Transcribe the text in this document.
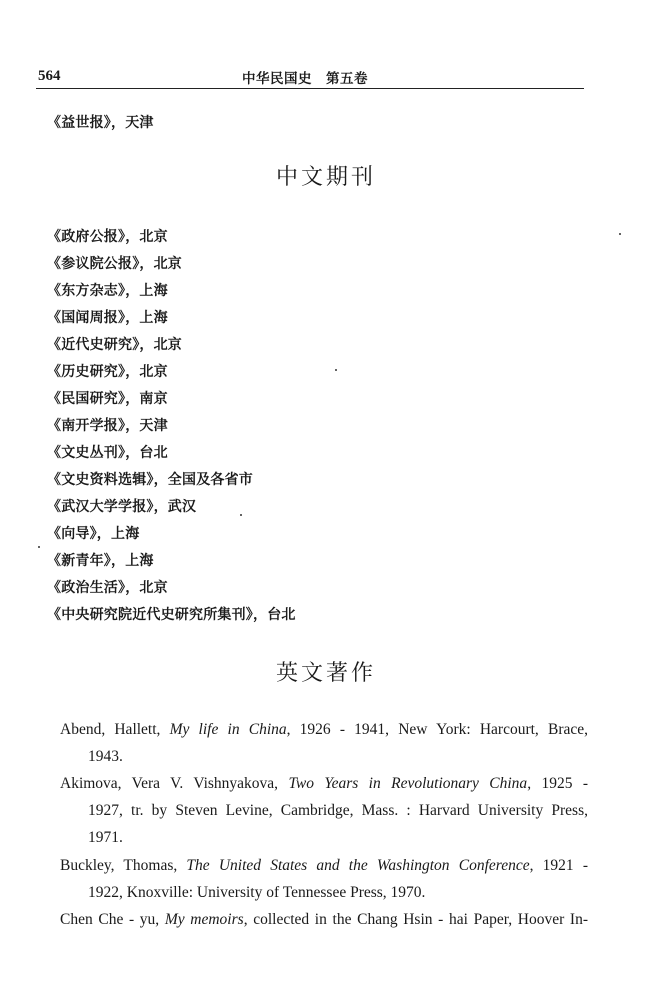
564	中华民国史　第五卷
《益世报》，天津
中文期刊
《政府公报》，北京
《参议院公报》，北京
《东方杂志》，上海
《国闻周报》，上海
《近代史研究》，北京
《历史研究》，北京
《民国研究》，南京
《南开学报》，天津
《文史丛刊》，台北
《文史资料选辑》，全国及各省市
《武汉大学学报》，武汉
《向导》，上海
《新青年》，上海
《政治生活》，北京
《中央研究院近代史研究所集刊》，台北
英文著作
Abend, Hallett, My life in China, 1926 - 1941, New York: Harcourt, Brace,
1943.
Akimova, Vera V. Vishnyakova, Two Years in Revolutionary China, 1925 -
1927, tr. by Steven Levine, Cambridge, Mass. : Harvard University Press,
1971.
Buckley, Thomas, The United States and the Washington Conference, 1921 -
1922, Knoxville: University of Tennessee Press, 1970.
Chen Che - yu, My memoirs, collected in the Chang Hsin - hai Paper, Hoover In-
